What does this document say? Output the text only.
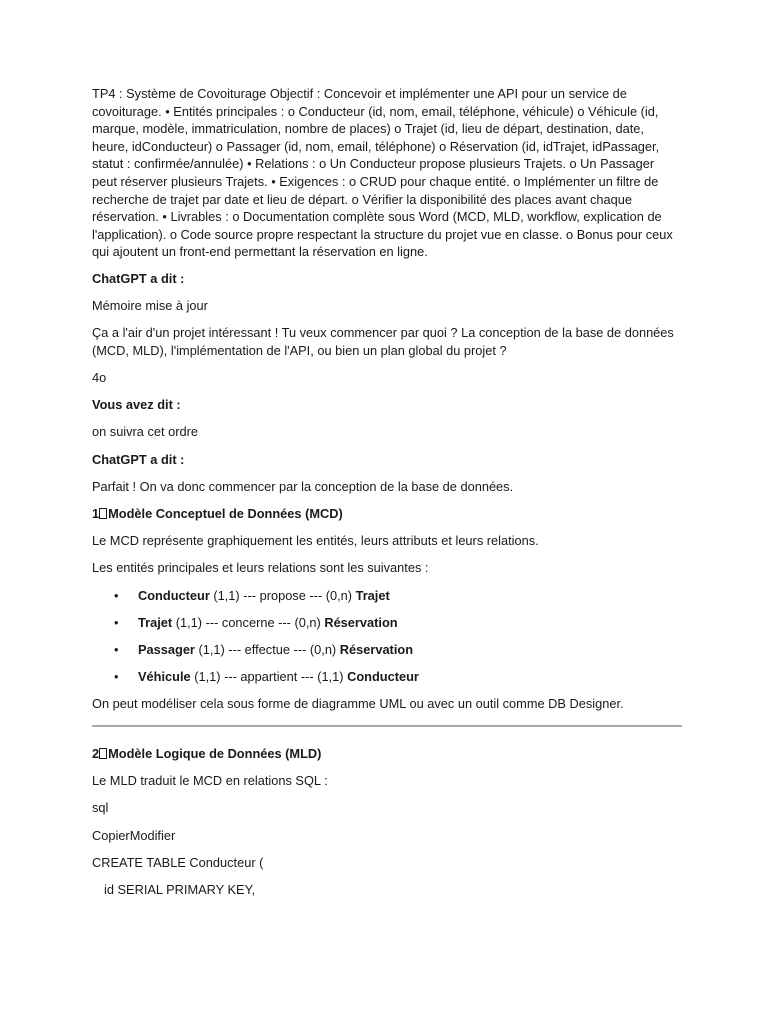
TP4 : Système de Covoiturage Objectif : Concevoir et implémenter une API pour un service de covoiturage. • Entités principales : o Conducteur (id, nom, email, téléphone, véhicule) o Véhicule (id, marque, modèle, immatriculation, nombre de places) o Trajet (id, lieu de départ, destination, date, heure, idConducteur) o Passager (id, nom, email, téléphone) o Réservation (id, idTrajet, idPassager, statut : confirmée/annulée) • Relations : o Un Conducteur propose plusieurs Trajets. o Un Passager peut réserver plusieurs Trajets. • Exigences : o CRUD pour chaque entité. o Implémenter un filtre de recherche de trajet par date et lieu de départ. o Vérifier la disponibilité des places avant chaque réservation. • Livrables : o Documentation complète sous Word (MCD, MLD, workflow, explication de l'application). o Code source propre respectant la structure du projet vue en classe. o Bonus pour ceux qui ajoutent un front-end permettant la réservation en ligne.

ChatGPT a dit :

Mémoire mise à jour

Ça a l'air d'un projet intéressant ! Tu veux commencer par quoi ? La conception de la base de données (MCD, MLD), l'implémentation de l'API, ou bien un plan global du projet ?

4o

Vous avez dit :

on suivra cet ordre

ChatGPT a dit :

Parfait ! On va donc commencer par la conception de la base de données.

1 Modèle Conceptuel de Données (MCD)

Le MCD représente graphiquement les entités, leurs attributs et leurs relations.

Les entités principales et leurs relations sont les suivantes :

• Conducteur (1,1) --- propose --- (0,n) Trajet
• Trajet (1,1) --- concerne --- (0,n) Réservation
• Passager (1,1) --- effectue --- (0,n) Réservation
• Véhicule (1,1) --- appartient --- (1,1) Conducteur

On peut modéliser cela sous forme de diagramme UML ou avec un outil comme DB Designer.

2 Modèle Logique de Données (MLD)

Le MLD traduit le MCD en relations SQL :

sql

CopierModifier

CREATE TABLE Conducteur (

id SERIAL PRIMARY KEY,
